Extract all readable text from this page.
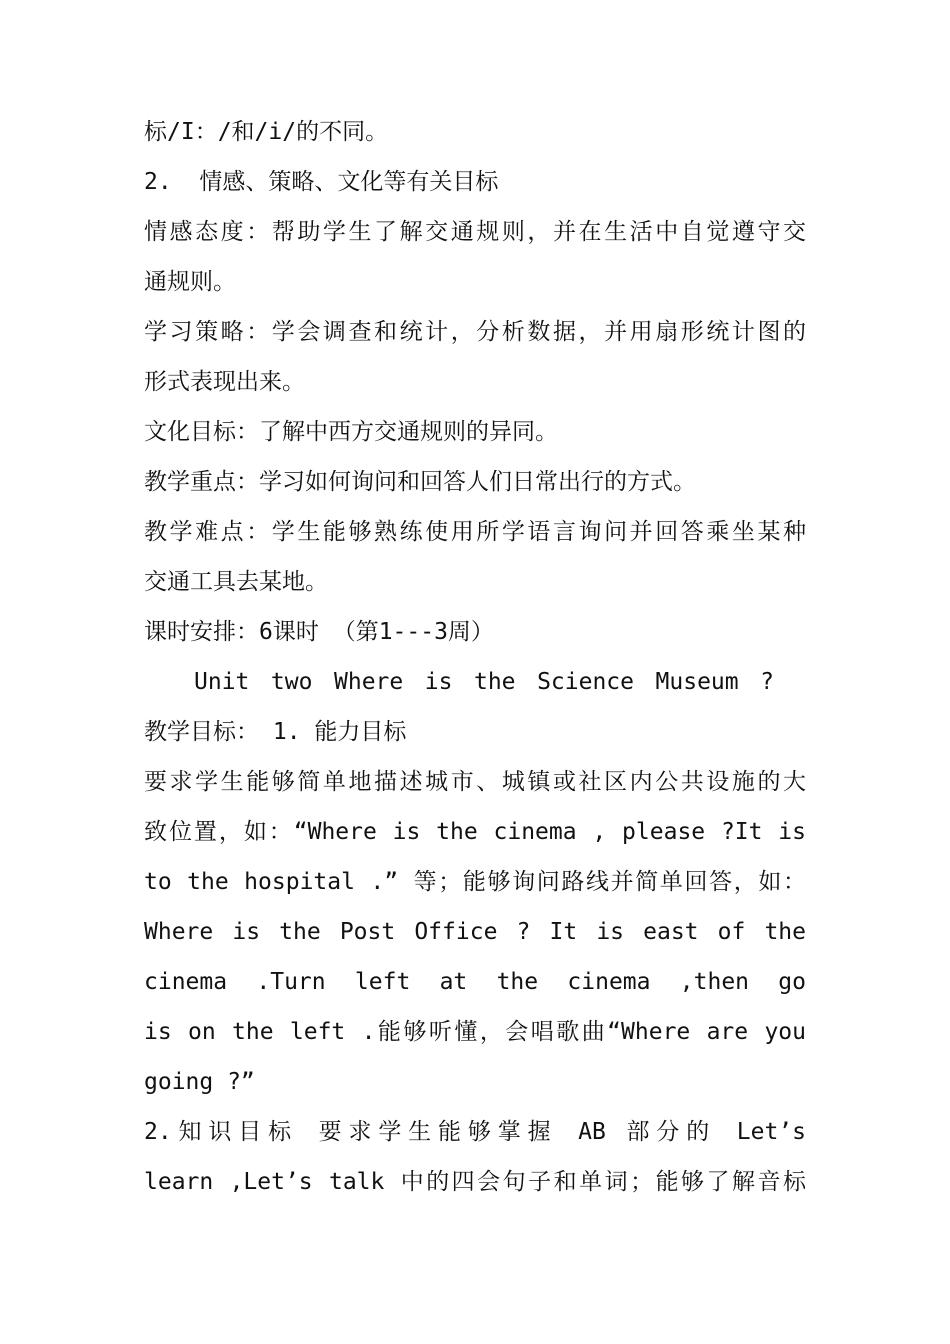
标/I：/和/i/的不同。
2.  情感、策略、文化等有关目标
情感态度：帮助学生了解交通规则，并在生活中自觉遵守交
通规则。
学习策略：学会调查和统计，分析数据，并用扇形统计图的
形式表现出来。
文化目标：了解中西方交通规则的异同。
教学重点：学习如何询问和回答人们日常出行的方式。
教学难点：学生能够熟练使用所学语言询问并回答乘坐某种
交通工具去某地。
课时安排：6课时 （第1---3周）
Unit two Where is the Science Museum ?
教学目标： 1. 能力目标
要求学生能够简单地描述城市、城镇或社区内公共设施的大
致位置，如：“Where is the cinema , please ?It is
to the hospital .” 等；能够询问路线并简单回答，如：
Where is the Post Office ? It is east of the
cinema .Turn left at the cinema ,then go
is on the left .能够听懂，会唱歌曲“Where are you
going ?”
2.知识目标 要求学生能够掌握 AB 部分的 Let’s
learn ,Let’s talk 中的四会句子和单词；能够了解音标
